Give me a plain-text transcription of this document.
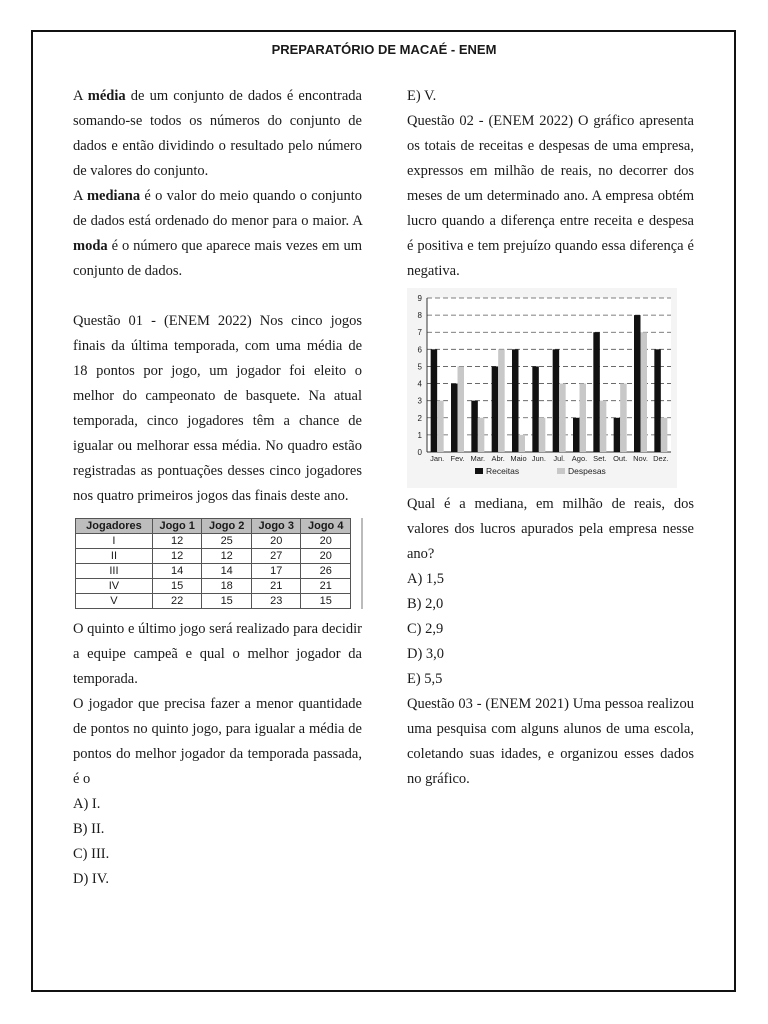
PREPARATÓRIO DE MACAÉ - ENEM

A média de um conjunto de dados é encontrada somando-se todos os números do conjunto de dados e então dividindo o resultado pelo número de valores do conjunto.

A mediana é o valor do meio quando o conjunto de dados está ordenado do menor para o maior. A moda é o número que aparece mais vezes em um conjunto de dados.

Questão 01 - (ENEM 2022) Nos cinco jogos finais da última temporada, com uma média de 18 pontos por jogo, um jogador foi eleito o melhor do campeonato de basquete. Na atual temporada, cinco jogadores têm a chance de igualar ou melhorar essa média. No quadro estão registradas as pontuações desses cinco jogadores nos quatro primeiros jogos das finais deste ano.

Jogadores	Jogo 1	Jogo 2	Jogo 3	Jogo 4
I	12	25	20	20
II	12	12	27	20
III	14	14	17	26
IV	15	18	21	21
V	22	15	23	15

O quinto e último jogo será realizado para decidir a equipe campeã e qual o melhor jogador da temporada.

O jogador que precisa fazer a menor quantidade de pontos no quinto jogo, para igualar a média de pontos do melhor jogador da temporada passada, é o

A) I.
B) II.
C) III.
D) IV.
E) V.

Questão 02 - (ENEM 2022) O gráfico apresenta os totais de receitas e despesas de uma empresa, expressos em milhão de reais, no decorrer dos meses de um determinado ano. A empresa obtém lucro quando a diferença entre receita e despesa é positiva e tem prejuízo quando essa diferença é negativa.

0
1
2
3
4
5
6
7
8
9
Jan. Fev. Mar. Abr. Maio Jun. Jul. Ago. Set. Out. Nov. Dez.
Receitas	Despesas

Qual é a mediana, em milhão de reais, dos valores dos lucros apurados pela empresa nesse ano?

A) 1,5
B) 2,0
C) 2,9
D) 3,0
E) 5,5

Questão 03 - (ENEM 2021) Uma pessoa realizou uma pesquisa com alguns alunos de uma escola, coletando suas idades, e organizou esses dados no gráfico.
